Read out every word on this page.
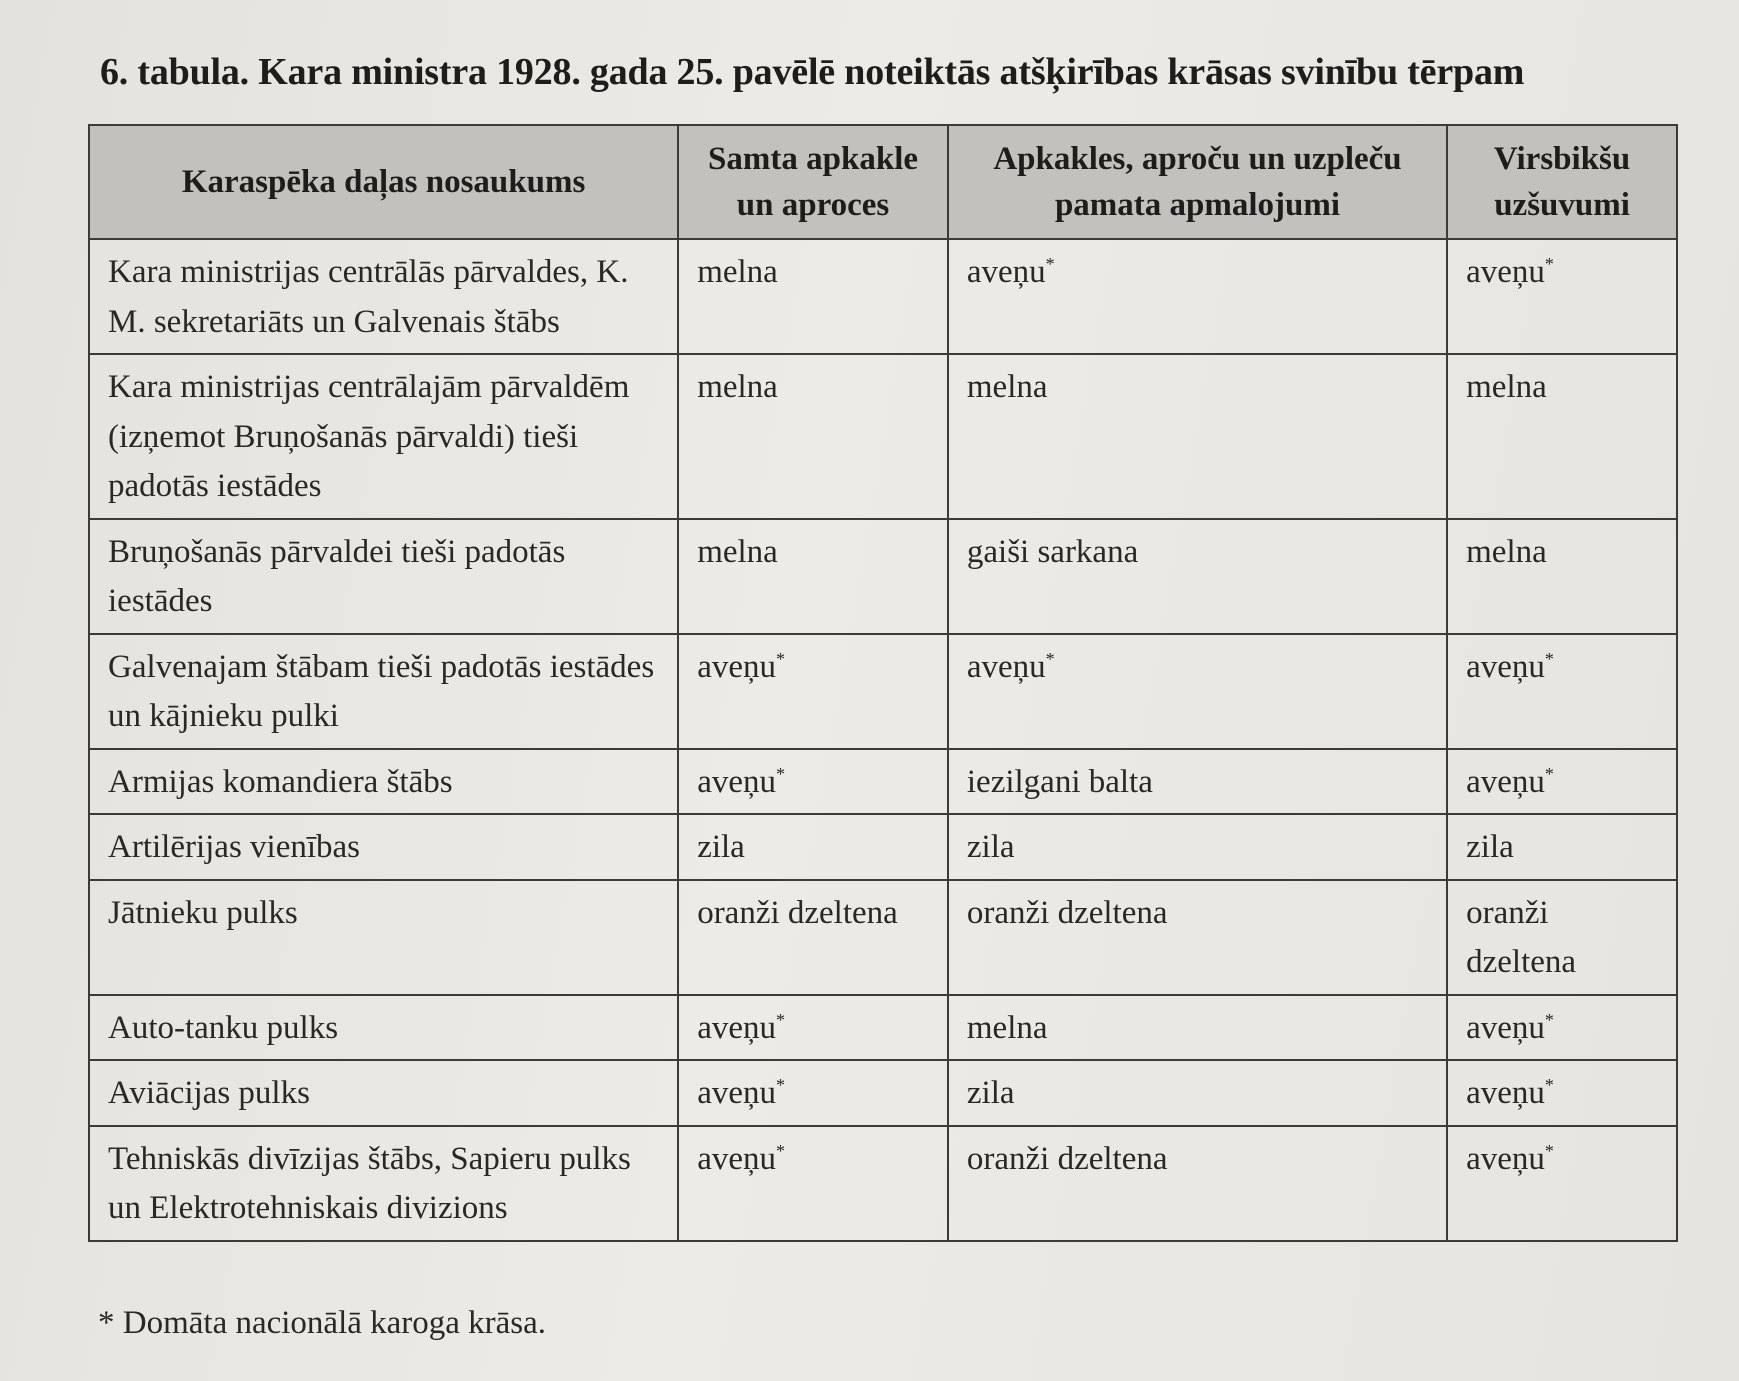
6. tabula. Kara ministra 1928. gada 25. pavēlē noteiktās atšķirības krāsas svinību tērpam
Karaspēka daļas nosaukums	Samta apkakle un aproces	Apkakles, aproču un uzpleču pamata apmalojumi	Virsbikšu uzšuvumi
Kara ministrijas centrālās pārvaldes, K. M. sekretariāts un Galvenais štābs	melna	aveņu*	aveņu*
Kara ministrijas centrālajām pārvaldēm (izņemot Bruņošanās pārvaldi) tieši padotās iestādes	melna	melna	melna
Bruņošanās pārvaldei tieši padotās iestādes	melna	gaiši sarkana	melna
Galvenajam štābam tieši padotās iestādes un kājnieku pulki	aveņu*	aveņu*	aveņu*
Armijas komandiera štābs	aveņu*	iezilgani balta	aveņu*
Artilērijas vienības	zila	zila	zila
Jātnieku pulks	oranži dzeltena	oranži dzeltena	oranži dzeltena
Auto-tanku pulks	aveņu*	melna	aveņu*
Aviācijas pulks	aveņu*	zila	aveņu*
Tehniskās divīzijas štābs, Sapieru pulks un Elektrotehniskais divizions	aveņu*	oranži dzeltena	aveņu*
* Domāta nacionālā karoga krāsa.
